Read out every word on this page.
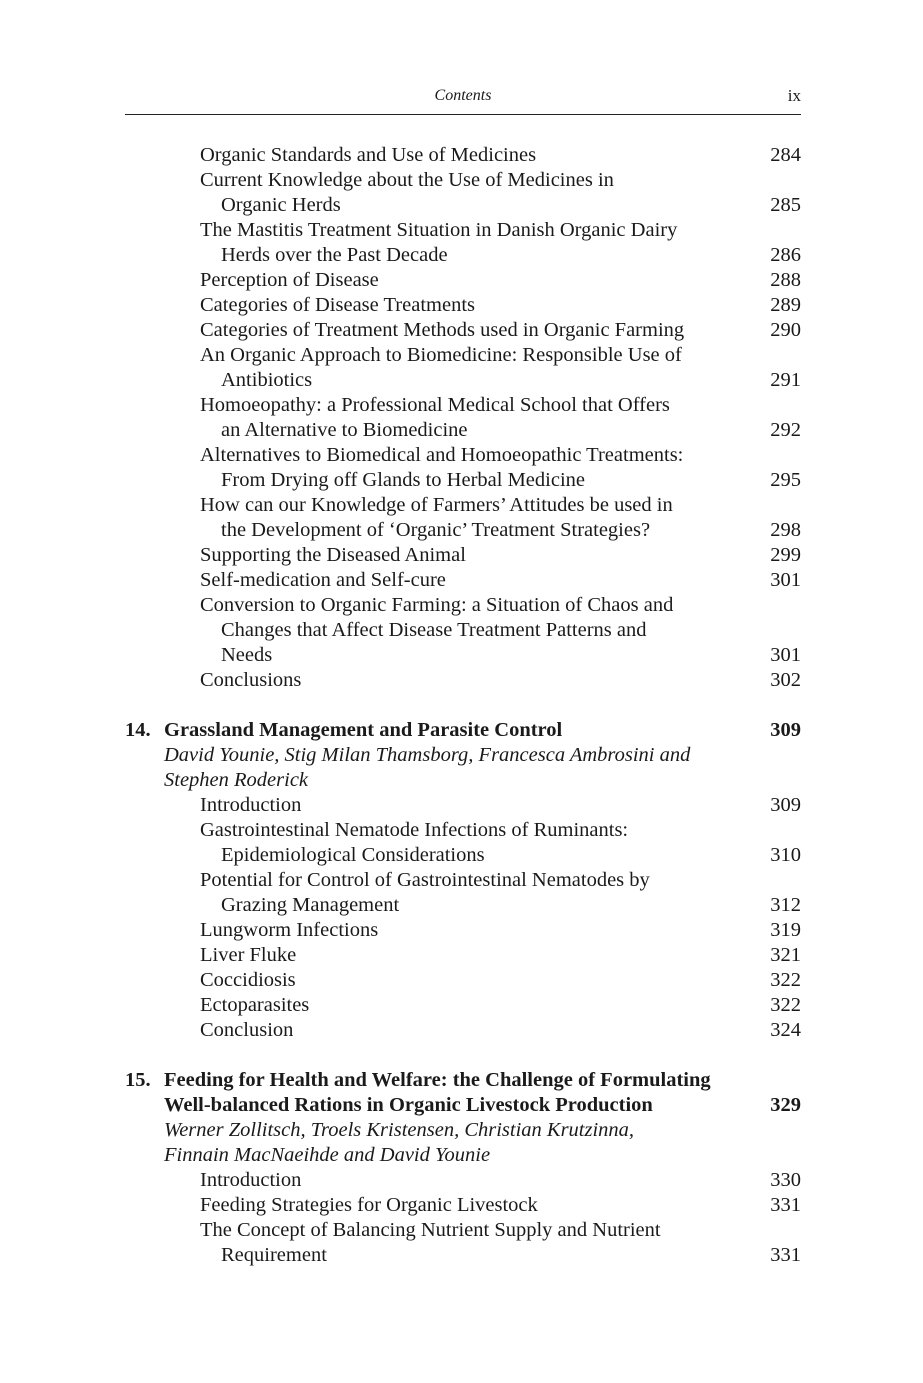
Contents	ix
Organic Standards and Use of Medicines	284
Current Knowledge about the Use of Medicines in
Organic Herds	285
The Mastitis Treatment Situation in Danish Organic Dairy
Herds over the Past Decade	286
Perception of Disease	288
Categories of Disease Treatments	289
Categories of Treatment Methods used in Organic Farming	290
An Organic Approach to Biomedicine: Responsible Use of
Antibiotics	291
Homoeopathy: a Professional Medical School that Offers
an Alternative to Biomedicine	292
Alternatives to Biomedical and Homoeopathic Treatments:
From Drying off Glands to Herbal Medicine	295
How can our Knowledge of Farmers’ Attitudes be used in
the Development of ‘Organic’ Treatment Strategies?	298
Supporting the Diseased Animal	299
Self-medication and Self-cure	301
Conversion to Organic Farming: a Situation of Chaos and
Changes that Affect Disease Treatment Patterns and
Needs	301
Conclusions	302
14. Grassland Management and Parasite Control	309
David Younie, Stig Milan Thamsborg, Francesca Ambrosini and
Stephen Roderick
Introduction	309
Gastrointestinal Nematode Infections of Ruminants:
Epidemiological Considerations	310
Potential for Control of Gastrointestinal Nematodes by
Grazing Management	312
Lungworm Infections	319
Liver Fluke	321
Coccidiosis	322
Ectoparasites	322
Conclusion	324
15. Feeding for Health and Welfare: the Challenge of Formulating
Well-balanced Rations in Organic Livestock Production	329
Werner Zollitsch, Troels Kristensen, Christian Krutzinna,
Finnain MacNaeihde and David Younie
Introduction	330
Feeding Strategies for Organic Livestock	331
The Concept of Balancing Nutrient Supply and Nutrient
Requirement	331
